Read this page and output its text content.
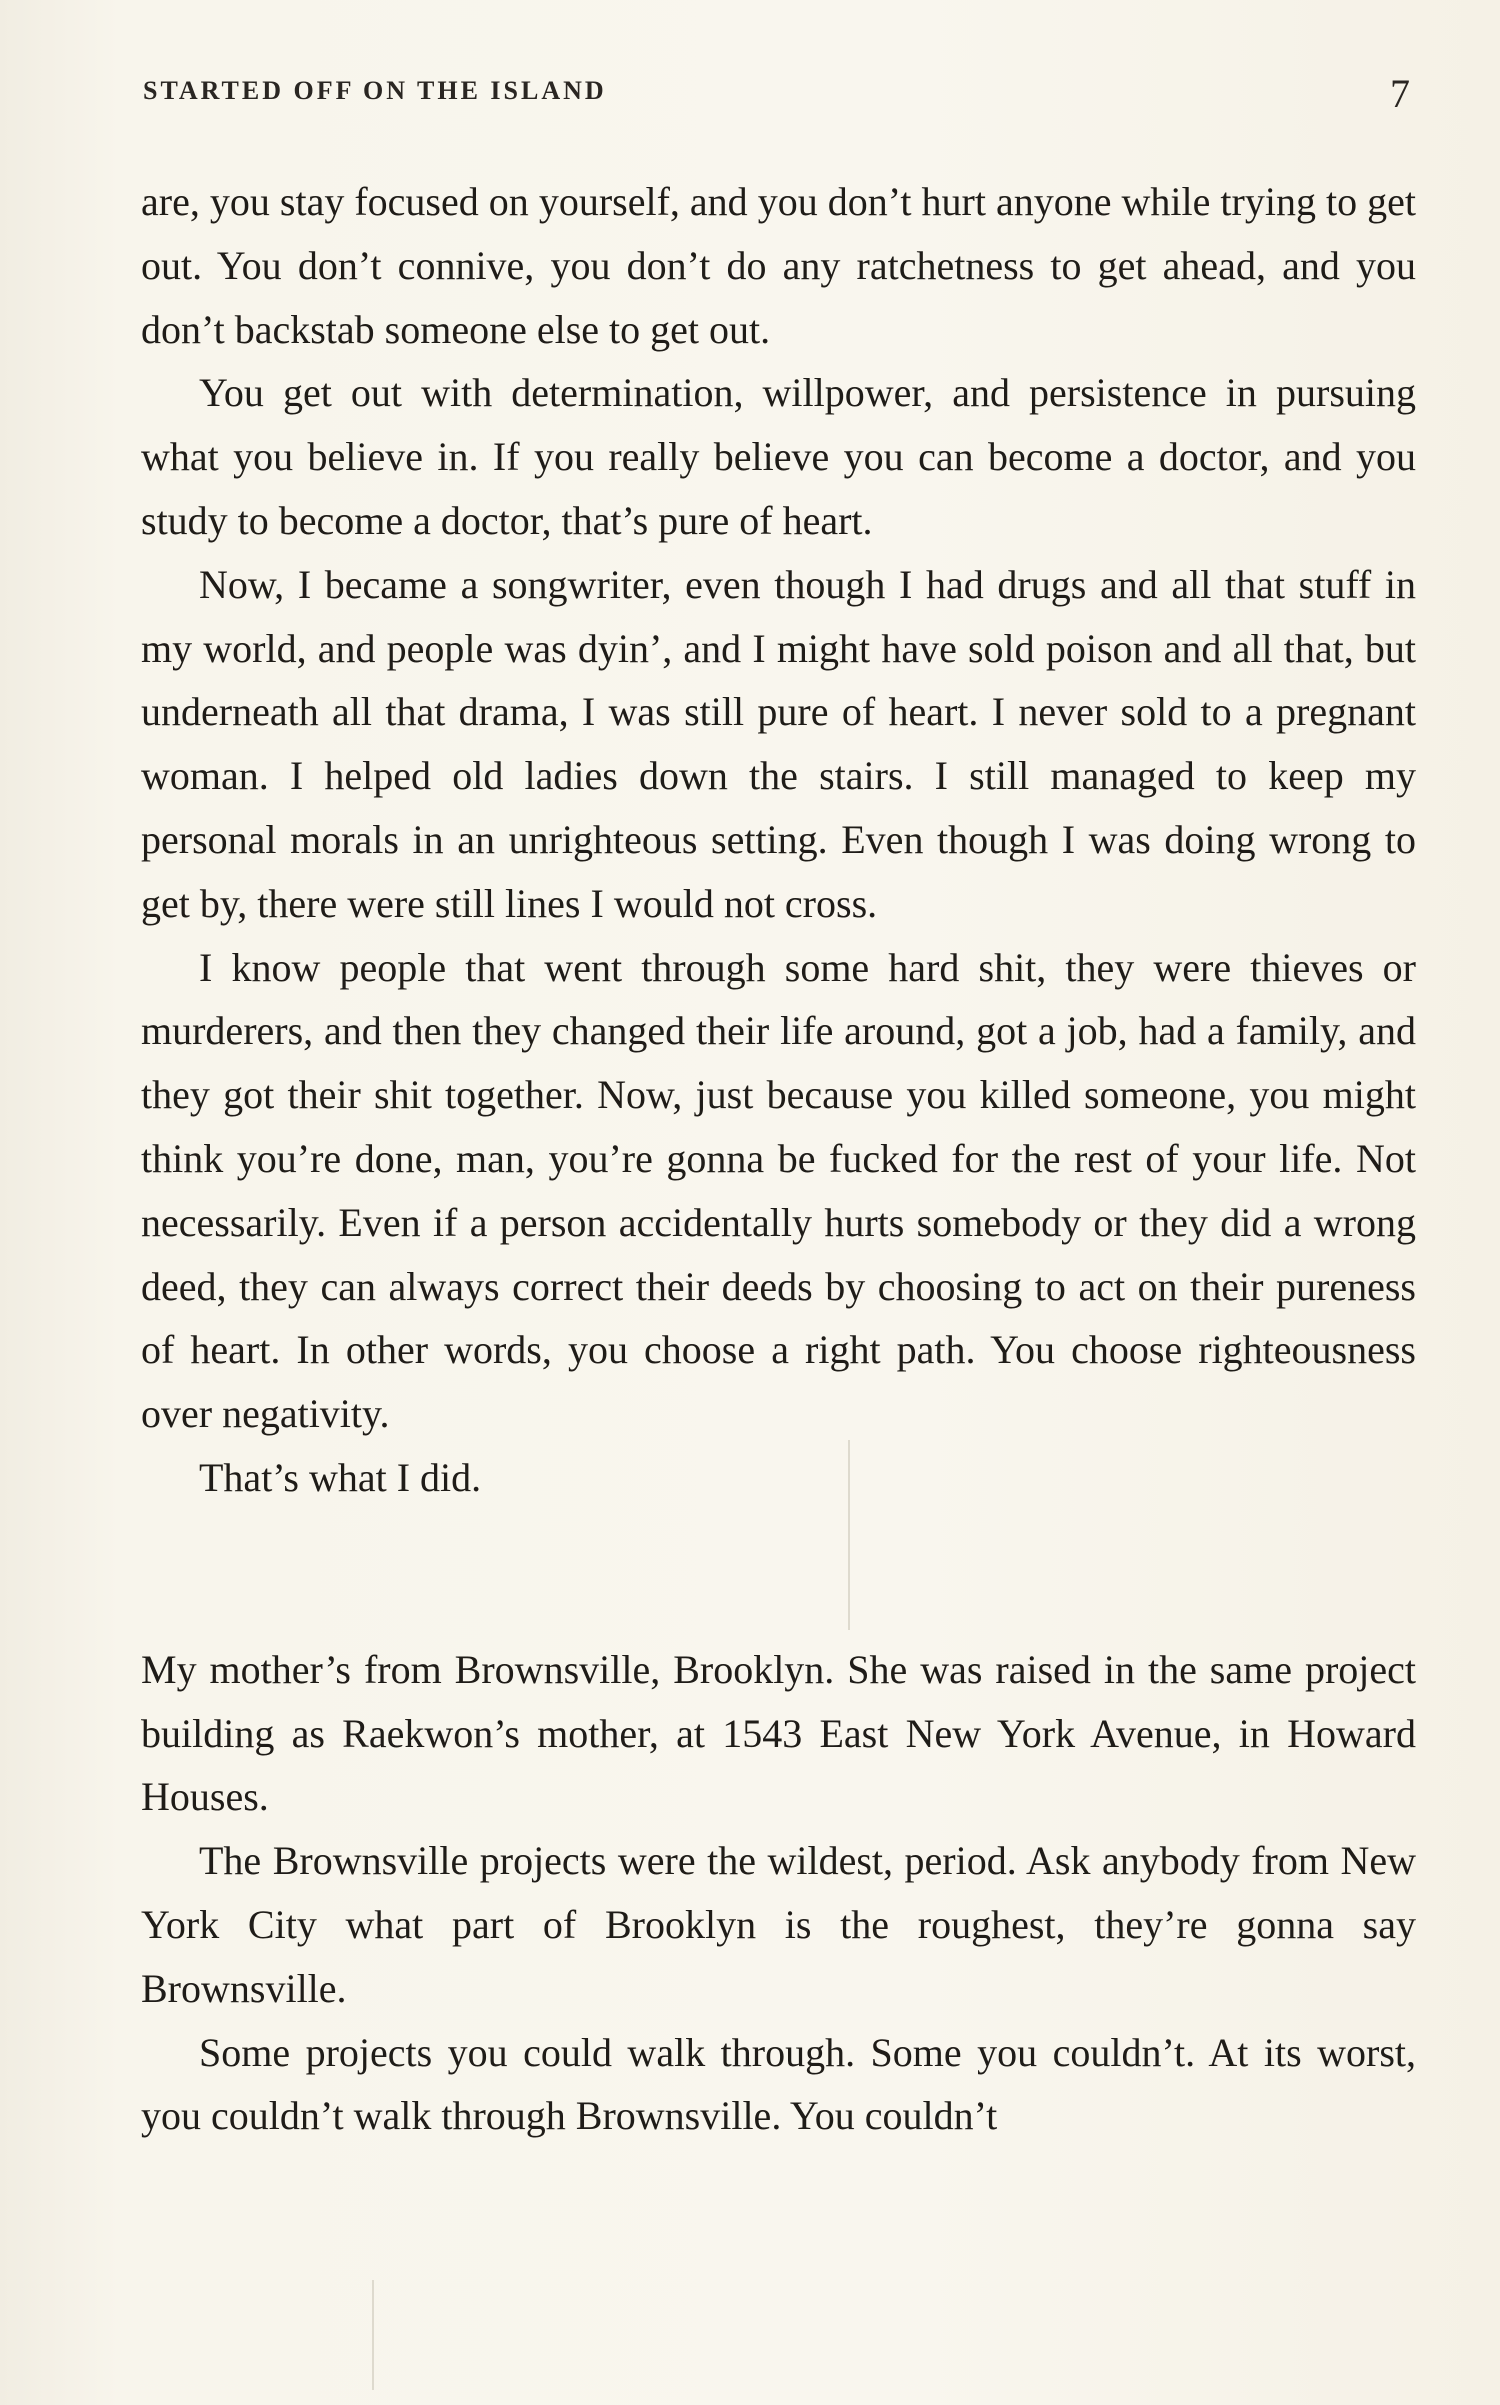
STARTED OFF ON THE ISLAND	7

are, you stay focused on yourself, and you don’t hurt anyone while trying to get out. You don’t connive, you don’t do any ratchetness to get ahead, and you don’t backstab someone else to get out.

You get out with determination, willpower, and persistence in pursuing what you believe in. If you really believe you can become a doctor, and you study to become a doctor, that’s pure of heart.

Now, I became a songwriter, even though I had drugs and all that stuff in my world, and people was dyin’, and I might have sold poison and all that, but underneath all that drama, I was still pure of heart. I never sold to a pregnant woman. I helped old ladies down the stairs. I still managed to keep my personal morals in an unrighteous setting. Even though I was doing wrong to get by, there were still lines I would not cross.

I know people that went through some hard shit, they were thieves or murderers, and then they changed their life around, got a job, had a family, and they got their shit together. Now, just because you killed someone, you might think you’re done, man, you’re gonna be fucked for the rest of your life. Not necessarily. Even if a person accidentally hurts somebody or they did a wrong deed, they can always correct their deeds by choosing to act on their pureness of heart. In other words, you choose a right path. You choose righteousness over negativity.

That’s what I did.

My mother’s from Brownsville, Brooklyn. She was raised in the same project building as Raekwon’s mother, at 1543 East New York Avenue, in Howard Houses.

The Brownsville projects were the wildest, period. Ask anybody from New York City what part of Brooklyn is the roughest, they’re gonna say Brownsville.

Some projects you could walk through. Some you couldn’t. At its worst, you couldn’t walk through Brownsville. You couldn’t
